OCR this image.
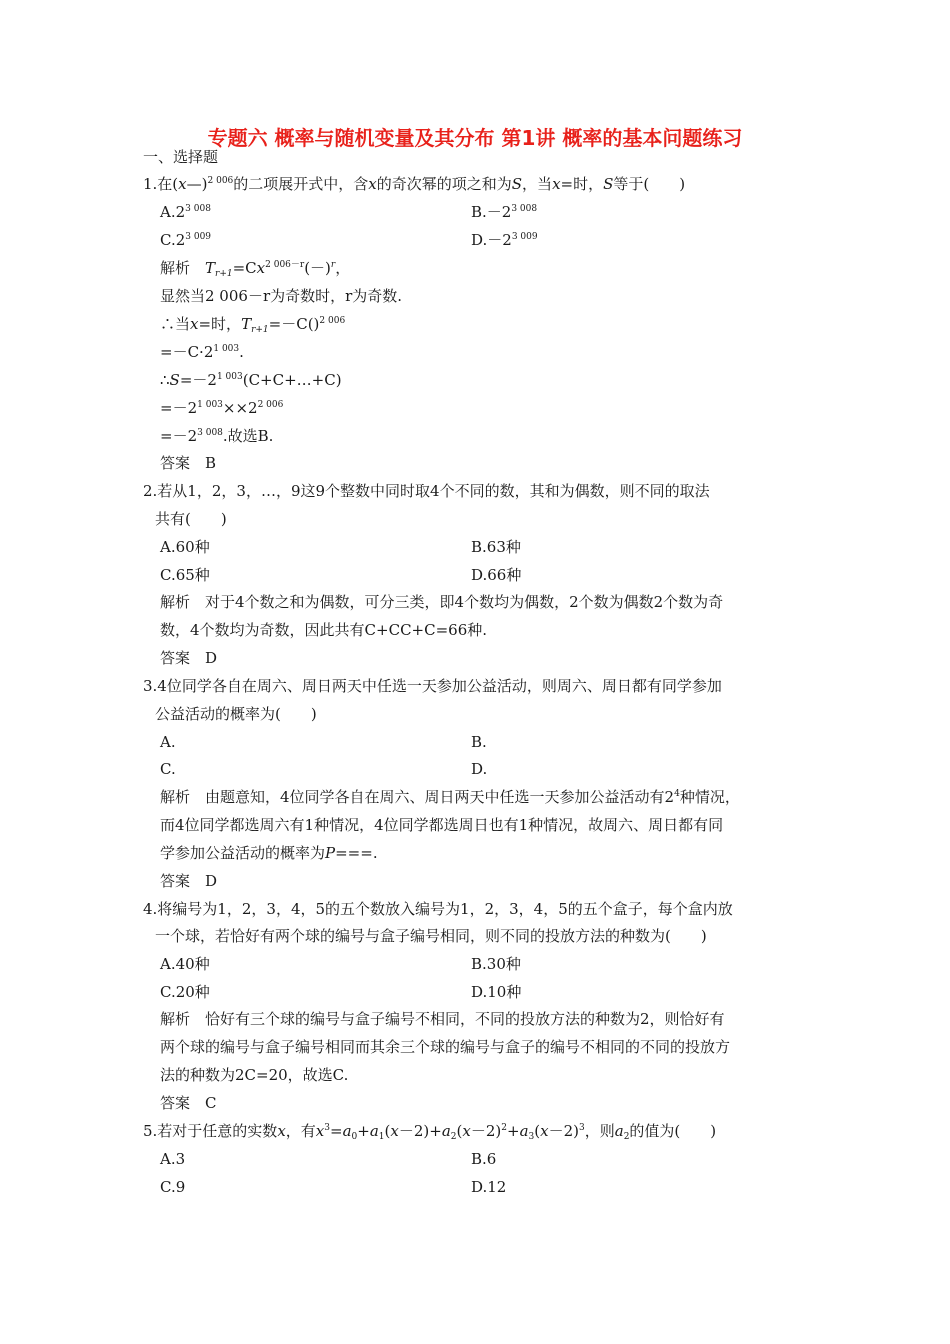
专题六 概率与随机变量及其分布 第1讲 概率的基本问题练习
一、选择题
1.在(x—)$^{2 006}$的二项展开式中，含x的奇次幂的项之和为S，当x=时，S等于(　　)
$A.2^{3 008}$	$B.-2^{3 008}$
$C.2^{3 009}$	$D.-2^{3 009}$
解析　$T_{r+1}=Cx^{2 006-r}(-)^r$，
显然当2 006－r为奇数时，r为奇数.
∴当x=时，$T_{r+1}=-C()^{2 006}$
$=-C\cdot 2^{1 003}$.
$\therefore S=-2^{1 003}(C+C+\dots+C)$
$=-2^{1 003}\times\times 2^{2 006}$
$=-2^{3 008}$.故选B.
答案　B
2.若从1，2，3，…，9这9个整数中同时取4个不同的数，其和为偶数，则不同的取法
共有(　　)
A.60种	B.63种
C.65种	D.66种
解析　对于4个数之和为偶数，可分三类，即4个数均为偶数，2个数为偶数2个数为奇
数，4个数均为奇数，因此共有C+CC+C=66种.
答案　D
3.4位同学各自在周六、周日两天中任选一天参加公益活动，则周六、周日都有同学参加
公益活动的概率为(　　)
A.	B.
C.	D.
解析　由题意知，4位同学各自在周六、周日两天中任选一天参加公益活动有$2^4$种情况，
而4位同学都选周六有1种情况，4位同学都选周日也有1种情况，故周六、周日都有同
学参加公益活动的概率为P===.
答案　D
4.将编号为1，2，3，4，5的五个数放入编号为1，2，3，4，5的五个盒子，每个盒内放
一个球，若恰好有两个球的编号与盒子编号相同，则不同的投放方法的种数为(　　)
A.40种	B.30种
C.20种	D.10种
解析　恰好有三个球的编号与盒子编号不相同，不同的投放方法的种数为2，则恰好有
两个球的编号与盒子编号相同而其余三个球的编号与盒子的编号不相同的不同的投放方
法的种数为2C=20，故选C.
答案　C
5.若对于任意的实数x，有$x^3=a_0+a_1(x-2)+a_2(x-2)^2+a_3(x-2)^3$，则$a_2$的值为(　　)
A.3	B.6
C.9	D.12
